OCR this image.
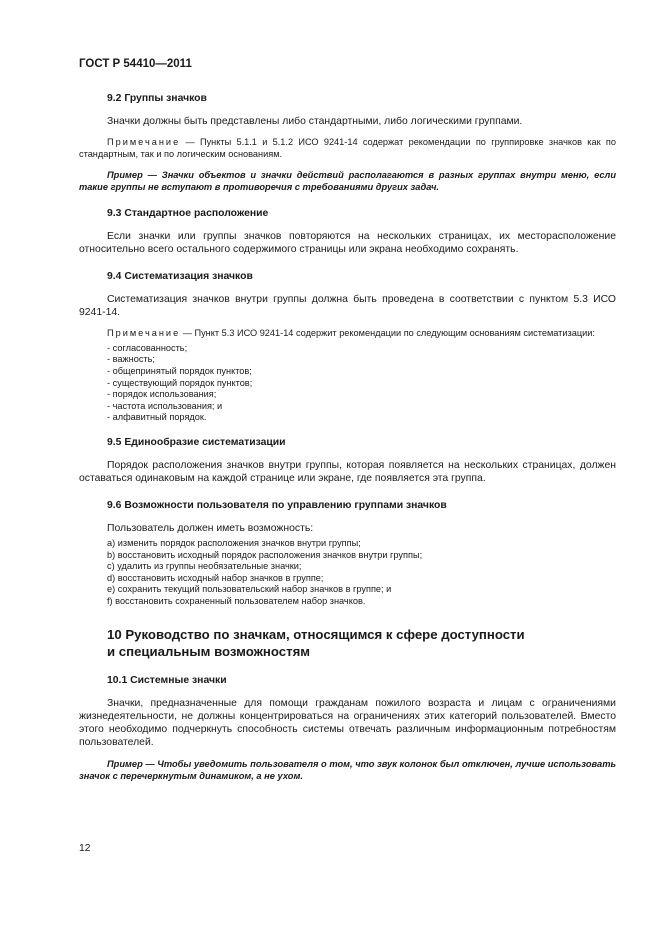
ГОСТ Р 54410—2011
9.2 Группы значков

Значки должны быть представлены либо стандартными, либо логическими группами.

Примечание — Пункты 5.1.1 и 5.1.2 ИСО 9241-14 содержат рекомендации по группировке значков как по стандартным, так и по логическим основаниям.

Пример — Значки объектов и значки действий располагаются в разных группах внутри меню, если такие группы не вступают в противоречия с требованиями других задач.

9.3 Стандартное расположение

Если значки или группы значков повторяются на нескольких страницах, их месторасположение относительно всего остального содержимого страницы или экрана необходимо сохранять.

9.4 Систематизация значков

Систематизация значков внутри группы должна быть проведена в соответствии с пунктом 5.3 ИСО 9241-14.

Примечание — Пункт 5.3 ИСО 9241-14 содержит рекомендации по следующим основаниям систематизации:

- согласованность;
- важность;
- общепринятый порядок пунктов;
- существующий порядок пунктов;
- порядок использования;
- частота использования; и
- алфавитный порядок.
9.5 Единообразие систематизации

Порядок расположения значков внутри группы, которая появляется на нескольких страницах, должен оставаться одинаковым на каждой странице или экране, где появляется эта группа.

9.6 Возможности пользователя по управлению группами значков

Пользователь должен иметь возможность:

a) изменить порядок расположения значков внутри группы;
b) восстановить исходный порядок расположения значков внутри группы;
c) удалить из группы необязательные значки;
d) восстановить исходный набор значков в группе;
e) сохранить текущий пользовательский набор значков в группе; и
f) восстановить сохраненный пользователем набор значков.
10 Руководство по значкам, относящимся к сфере доступности
и специальным возможностям
10.1 Системные значки

Значки, предназначенные для помощи гражданам пожилого возраста и лицам с ограничениями жизнедеятельности, не должны концентрироваться на ограничениях этих категорий пользователей. Вместо этого необходимо подчеркнуть способность системы отвечать различным информационным потребностям пользователей.

Пример — Чтобы уведомить пользователя о том, что звук колонок был отключен, лучше использовать значок с перечеркнутым динамиком, а не ухом.

12
